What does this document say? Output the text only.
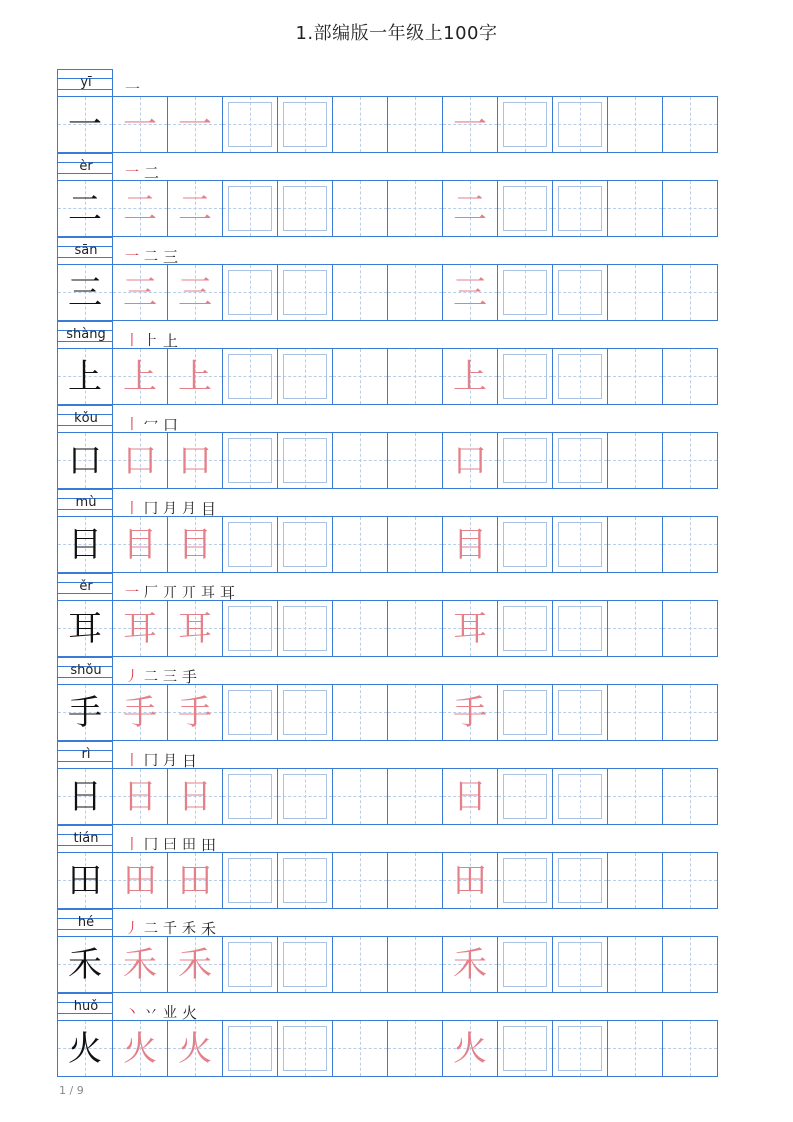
1.部编版一年级上100字
yī	一
一 一 一	一
èr	一 二
二 二 二	二
sān	一 二 三
三 三 三	三
shàng	丨 ⺊ 上
上 上 上	上
kǒu	丨 冖 口
口 口 口	口
mù	丨 冂 月 月 目
目 目 目	目
ěr	一 厂 丌 丌 耳 耳
耳 耳 耳	耳
shǒu	丿 二 三 手
手 手 手	手
rì	丨 冂 月 日
日 日 日	日
tián	丨 冂 曰 田 田
田 田 田	田
hé	丿 二 千 禾 禾
禾 禾 禾	禾
huǒ	丶 丷 业 火
火 火 火	火
1 / 9
